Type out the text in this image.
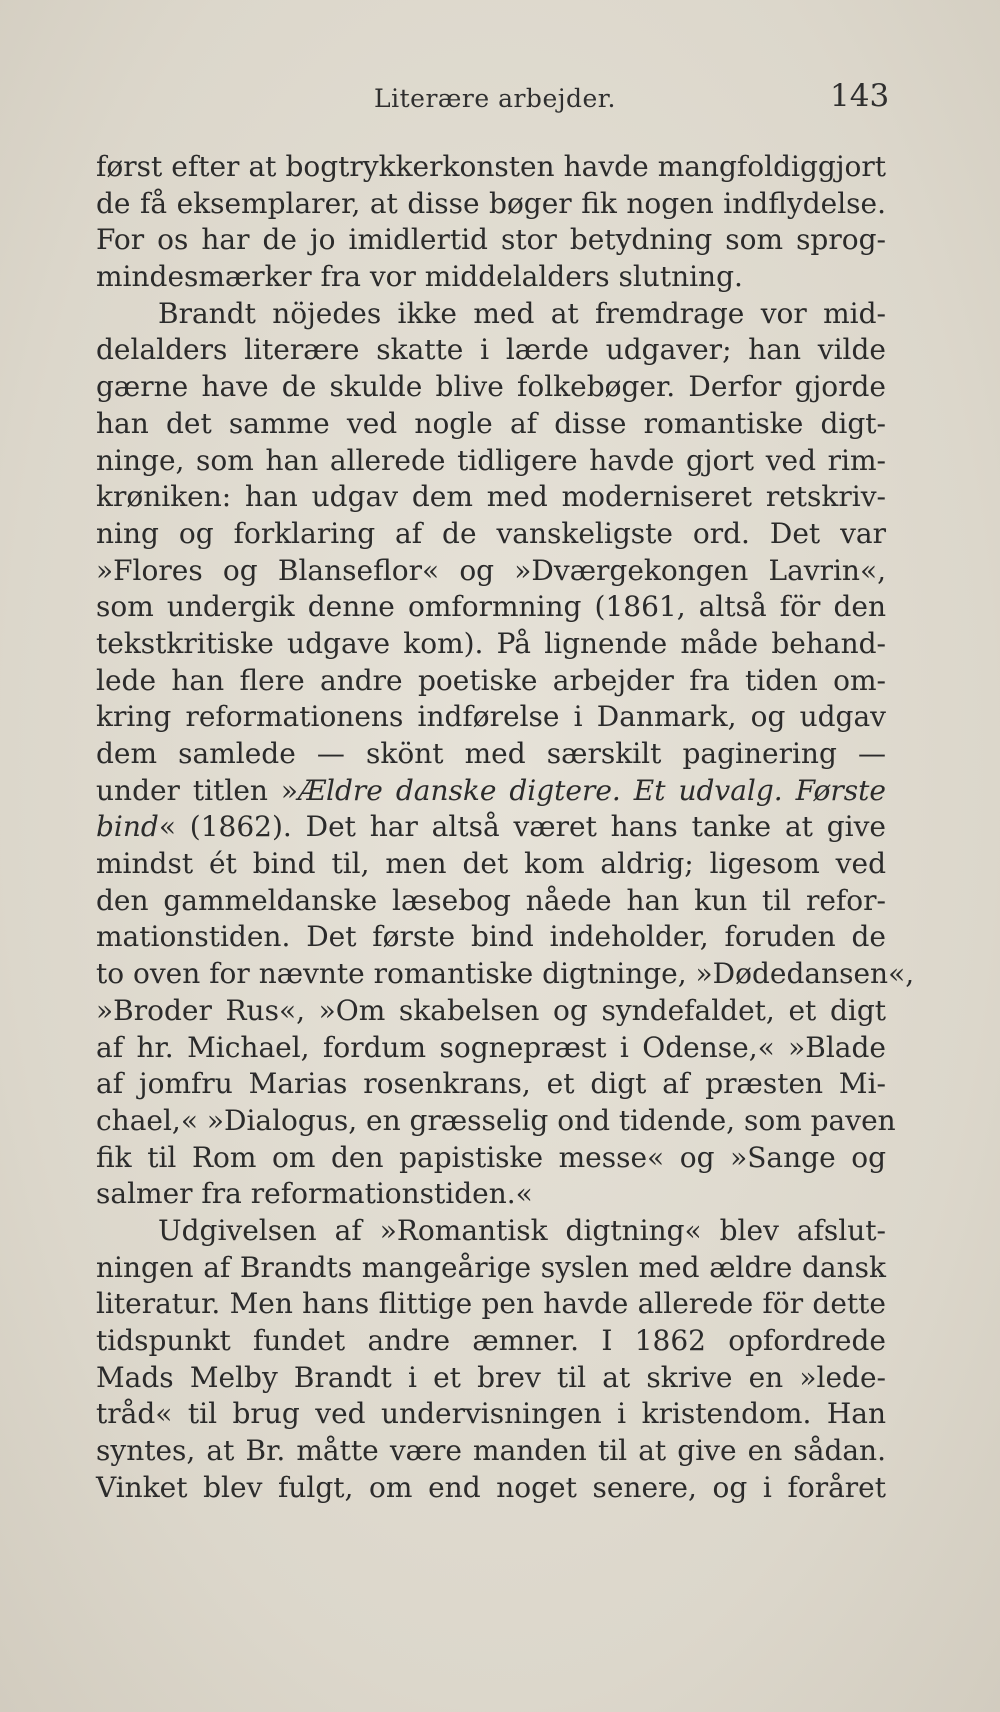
Literære arbejder.	143
først efter at bogtrykkerkonsten havde mangfoldiggjort
de få eksemplarer, at disse bøger fik nogen indflydelse.
For os har de jo imidlertid stor betydning som sprog-
mindesmærker fra vor middelalders slutning.
Brandt nöjedes ikke med at fremdrage vor mid-
delalders literære skatte i lærde udgaver; han vilde
gærne have de skulde blive folkebøger. Derfor gjorde
han det samme ved nogle af disse romantiske digt-
ninge, som han allerede tidligere havde gjort ved rim-
krøniken: han udgav dem med moderniseret retskriv-
ning og forklaring af de vanskeligste ord. Det var
»Flores og Blanseflor« og »Dværgekongen Lavrin«,
som undergik denne omformning (1861, altså för den
tekstkritiske udgave kom). På lignende måde behand-
lede han flere andre poetiske arbejder fra tiden om-
kring reformationens indførelse i Danmark, og udgav
dem samlede — skönt med særskilt paginering —
under titlen »Ældre danske digtere. Et udvalg. Første
bind« (1862). Det har altså været hans tanke at give
mindst ét bind til, men det kom aldrig; ligesom ved
den gammeldanske læsebog nåede han kun til refor-
mationstiden. Det første bind indeholder, foruden de
to oven for nævnte romantiske digtninge, »Dødedansen«,
»Broder Rus«, »Om skabelsen og syndefaldet, et digt
af hr. Michael, fordum sognepræst i Odense,« »Blade
af jomfru Marias rosenkrans, et digt af præsten Mi-
chael,« »Dialogus, en græsselig ond tidende, som paven
fik til Rom om den papistiske messe« og »Sange og
salmer fra reformationstiden.«
Udgivelsen af »Romantisk digtning« blev afslut-
ningen af Brandts mangeårige syslen med ældre dansk
literatur. Men hans flittige pen havde allerede för dette
tidspunkt fundet andre æmner. I 1862 opfordrede
Mads Melby Brandt i et brev til at skrive en »lede-
tråd« til brug ved undervisningen i kristendom. Han
syntes, at Br. måtte være manden til at give en sådan.
Vinket blev fulgt, om end noget senere, og i foråret
